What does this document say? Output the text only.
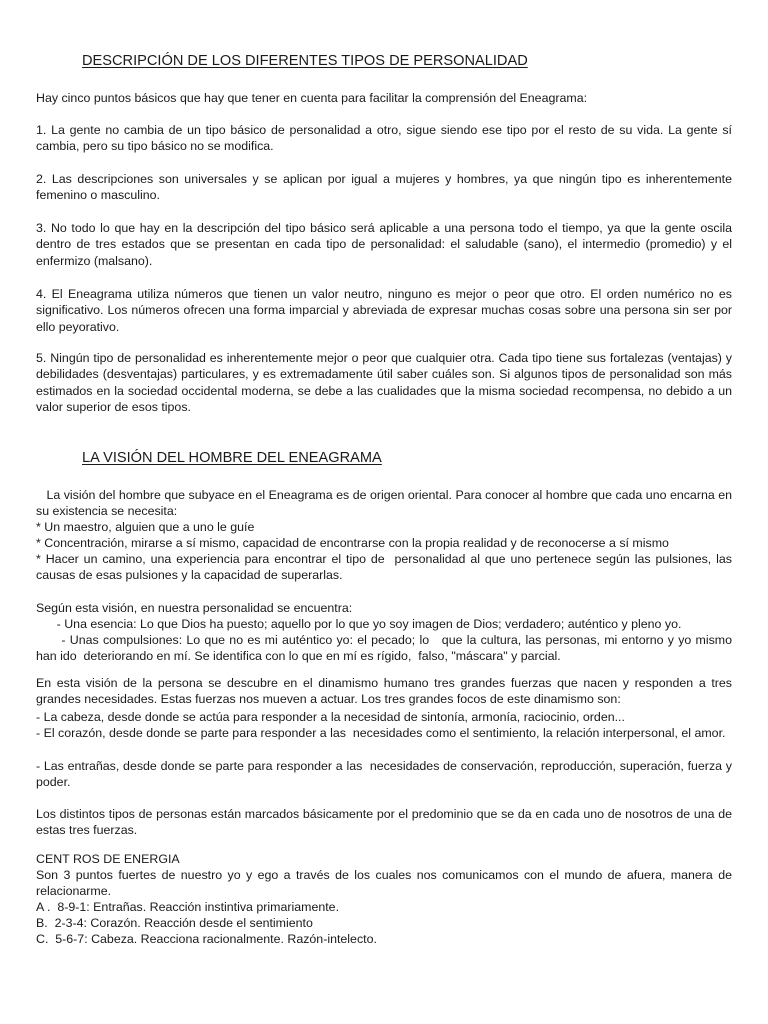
DESCRIPCIÓN DE LOS DIFERENTES TIPOS DE PERSONALIDAD

Hay cinco puntos básicos que hay que tener en cuenta para facilitar la comprensión del Eneagrama:

1. La gente no cambia de un tipo básico de personalidad a otro, sigue siendo ese tipo por el resto de su vida. La gente sí cambia, pero su tipo básico no se modifica.

2. Las descripciones son universales y se aplican por igual a mujeres y hombres, ya que ningún tipo es inherentemente femenino o masculino.

3. No todo lo que hay en la descripción del tipo básico será aplicable a una persona todo el tiempo, ya que la gente oscila dentro de tres estados que se presentan en cada tipo de personalidad: el saludable (sano), el intermedio (promedio) y el enfermizo (malsano).

4. El Eneagrama utiliza números que tienen un valor neutro, ninguno es mejor o peor que otro. El orden numérico no es significativo. Los números ofrecen una forma imparcial y abreviada de expresar muchas cosas sobre una persona sin ser por ello peyorativo.

5. Ningún tipo de personalidad es inherentemente mejor o peor que cualquier otra. Cada tipo tiene sus fortalezas (ventajas) y debilidades (desventajas) particulares, y es extremadamente útil saber cuáles son. Si algunos tipos de personalidad son más estimados en la sociedad occidental moderna, se debe a las cualidades que la misma sociedad recompensa, no debido a un valor superior de esos tipos.

LA VISIÓN DEL HOMBRE DEL ENEAGRAMA

La visión del hombre que subyace en el Eneagrama es de origen oriental. Para conocer al hombre que cada uno encarna en su existencia se necesita:

* Un maestro, alguien que a uno le guíe

* Concentración, mirarse a sí mismo, capacidad de encontrarse con la propia realidad y de reconocerse a sí mismo

* Hacer un camino, una experiencia para encontrar el tipo de  personalidad al que uno pertenece según las pulsiones, las causas de esas pulsiones y la capacidad de superarlas.

Según esta visión, en nuestra personalidad se encuentra:

- Una esencia: Lo que Dios ha puesto; aquello por lo que yo soy imagen de Dios; verdadero; auténtico y pleno yo.

- Unas compulsiones: Lo que no es mi auténtico yo: el pecado; lo   que la cultura, las personas, mi entorno y yo mismo han ido  deteriorando en mí. Se identifica con lo que en mí es rígido,  falso, "máscara" y parcial.

En esta visión de la persona se descubre en el dinamismo humano tres grandes fuerzas que nacen y responden a tres grandes necesidades. Estas fuerzas nos mueven a actuar. Los tres grandes focos de este dinamismo son:

- La cabeza, desde donde se actúa para responder a la necesidad de sintonía, armonía, raciocinio, orden...

- El corazón, desde donde se parte para responder a las  necesidades como el sentimiento, la relación interpersonal, el amor.

- Las entrañas, desde donde se parte para responder a las  necesidades de conservación, reproducción, superación, fuerza y poder.

Los distintos tipos de personas están marcados básicamente por el predominio que se da en cada uno de nosotros de una de estas tres fuerzas.

CENT ROS DE ENERGIA

Son 3 puntos fuertes de nuestro yo y ego a través de los cuales nos comunicamos con el mundo de afuera, manera de relacionarme.

A .  8-9-1: Entrañas. Reacción instintiva primariamente.

B.  2-3-4: Corazón. Reacción desde el sentimiento

C.  5-6-7: Cabeza. Reacciona racionalmente. Razón-intelecto.
